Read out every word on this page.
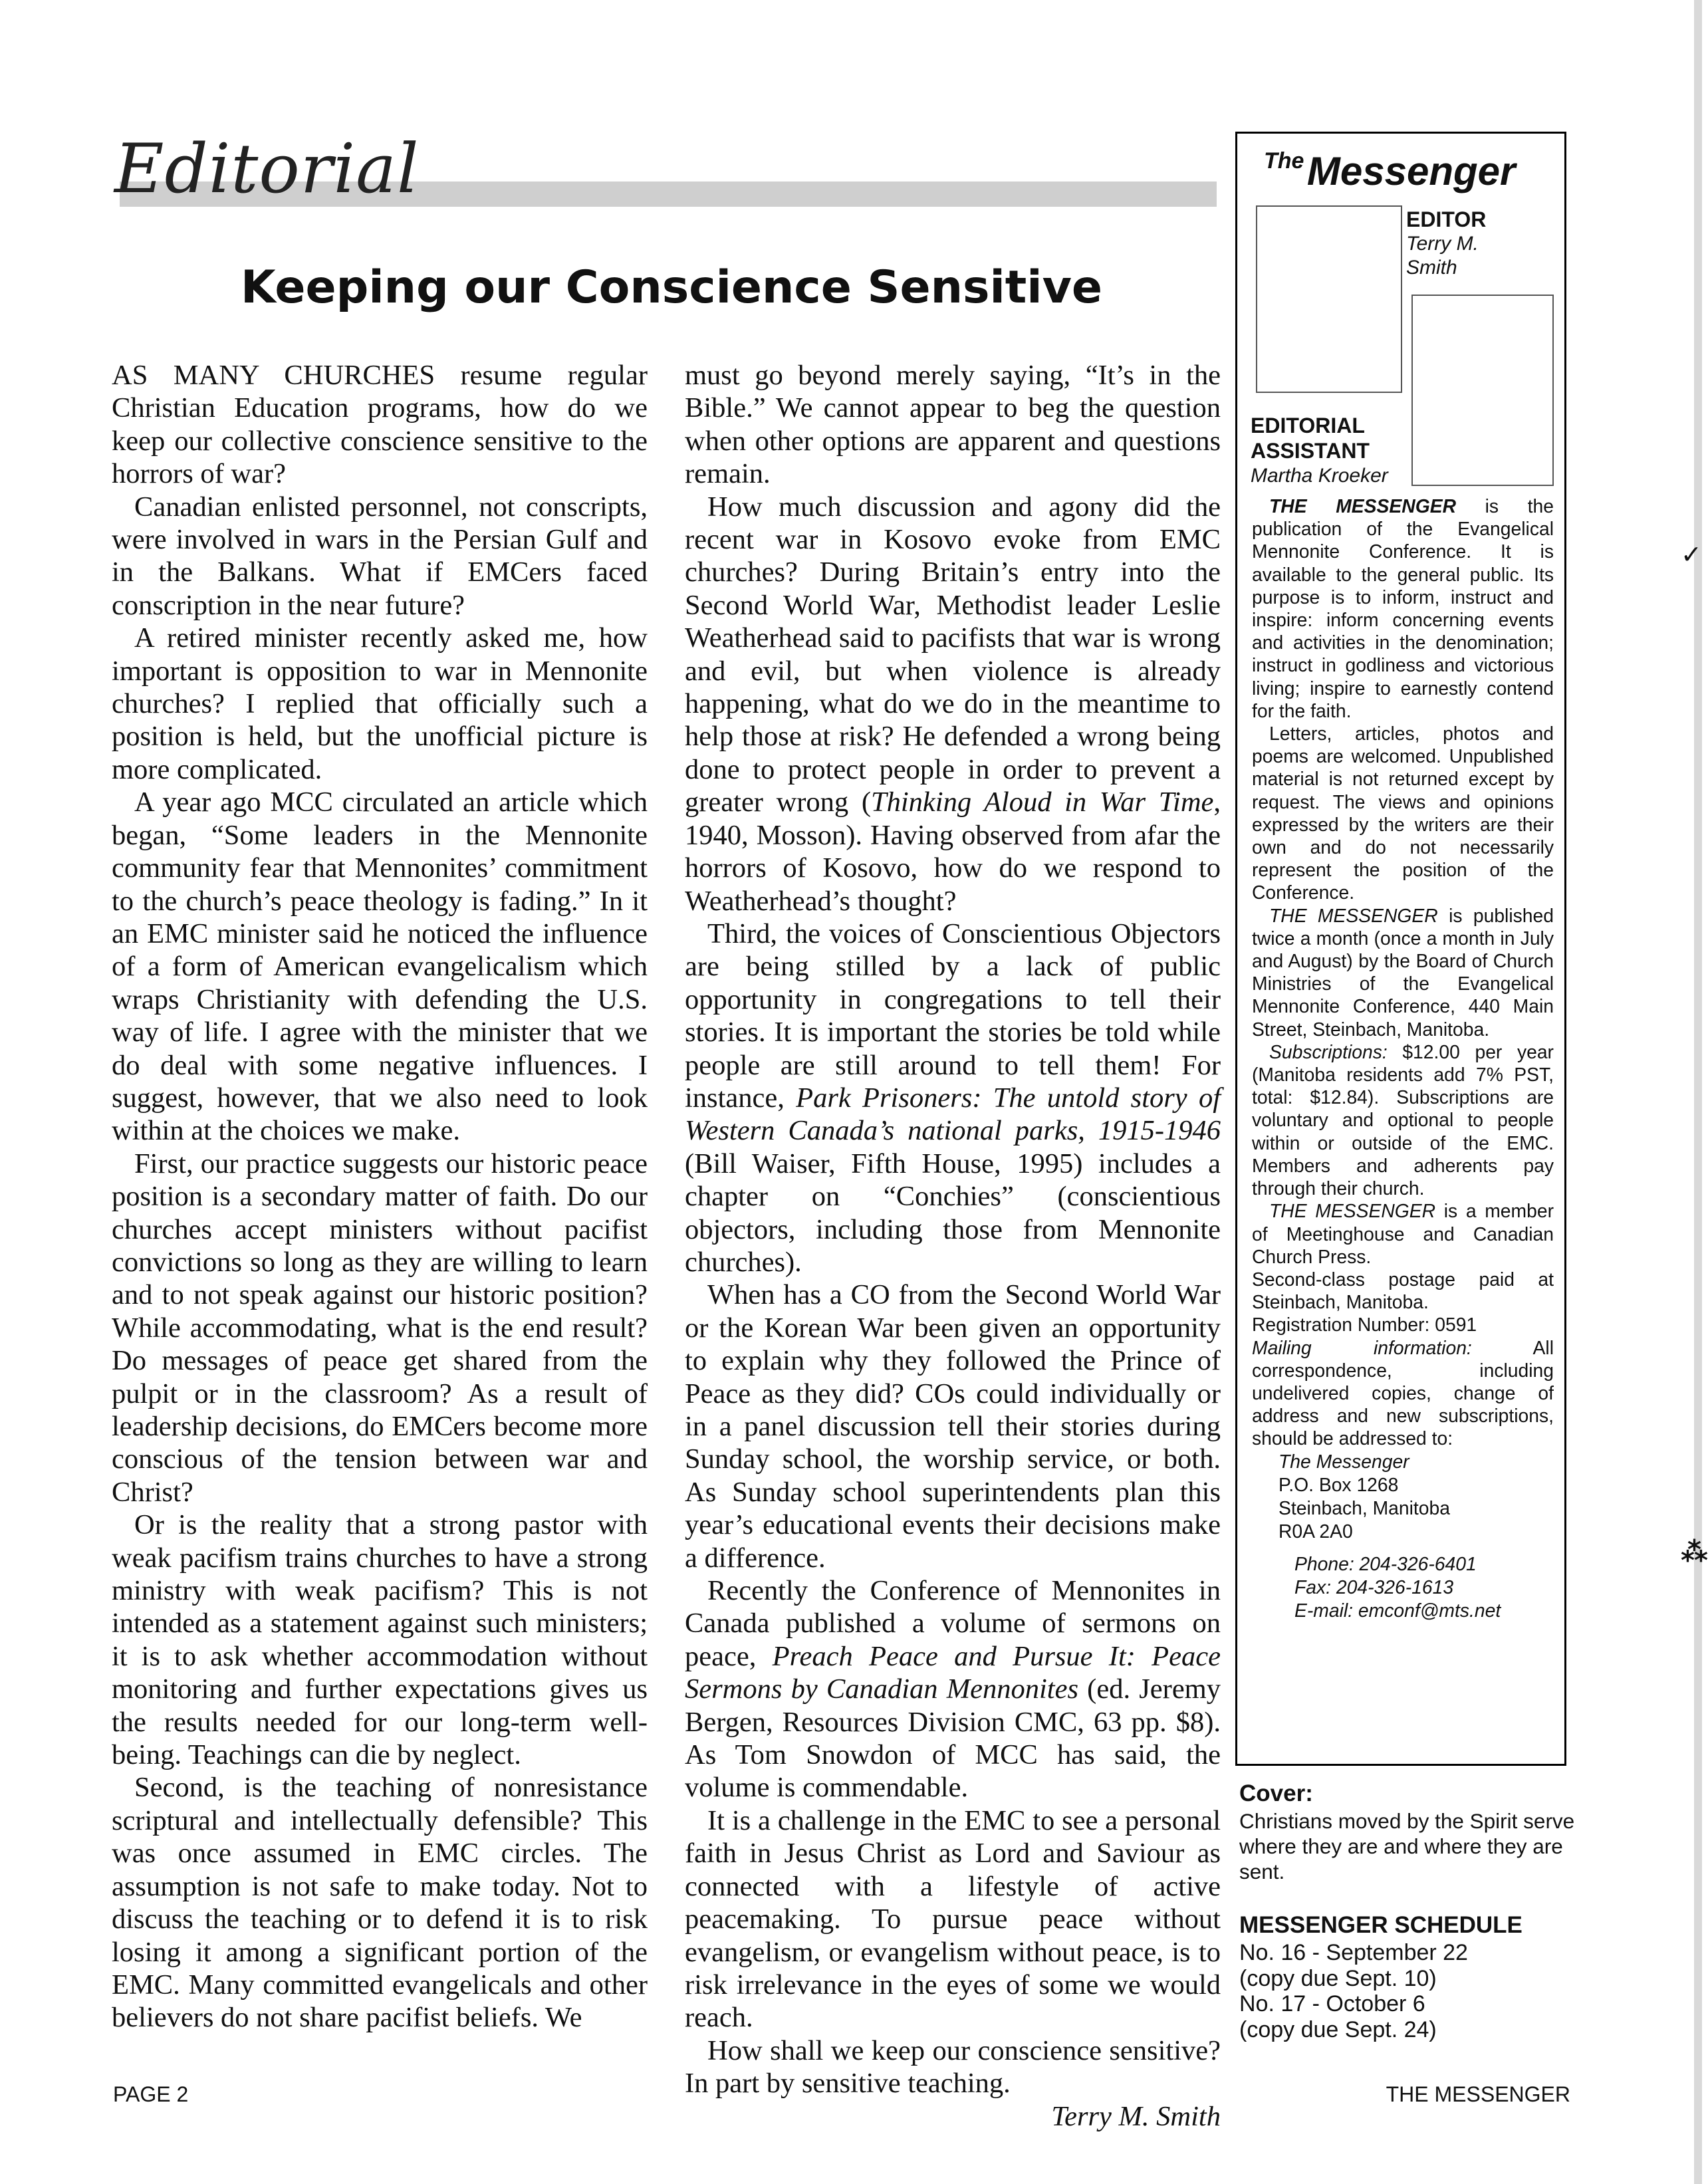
Editorial
Keeping our Conscience Sensitive

AS MANY CHURCHES resume regular Christian Education programs, how do we keep our collective conscience sensitive to the horrors of war?

Canadian enlisted personnel, not conscripts, were involved in wars in the Persian Gulf and in the Balkans. What if EMCers faced conscription in the near future?

A retired minister recently asked me, how important is opposition to war in Mennonite churches? I replied that officially such a position is held, but the unofficial picture is more complicated.

A year ago MCC circulated an article which began, “Some leaders in the Mennonite community fear that Mennonites’ commitment to the church’s peace theology is fading.” In it an EMC minister said he noticed the influence of a form of American evangelicalism which wraps Christianity with defending the U.S. way of life. I agree with the minister that we do deal with some negative influences. I suggest, however, that we also need to look within at the choices we make.

First, our practice suggests our historic peace position is a secondary matter of faith. Do our churches accept ministers without pacifist convictions so long as they are willing to learn and to not speak against our historic position? While accommodating, what is the end result? Do messages of peace get shared from the pulpit or in the classroom? As a result of leadership decisions, do EMCers become more conscious of the tension between war and Christ?

Or is the reality that a strong pastor with weak pacifism trains churches to have a strong ministry with weak pacifism? This is not intended as a statement against such ministers; it is to ask whether accommodation without monitoring and further expectations gives us the results needed for our long-term well-being. Teachings can die by neglect.

Second, is the teaching of nonresistance scriptural and intellectually defensible? This was once assumed in EMC circles. The assumption is not safe to make today. Not to discuss the teaching or to defend it is to risk losing it among a significant portion of the EMC. Many committed evangelicals and other believers do not share pacifist beliefs. We

must go beyond merely saying, “It’s in the Bible.” We cannot appear to beg the question when other options are apparent and questions remain.

How much discussion and agony did the recent war in Kosovo evoke from EMC churches? During Britain’s entry into the Second World War, Methodist leader Leslie Weatherhead said to pacifists that war is wrong and evil, but when violence is already happening, what do we do in the meantime to help those at risk? He defended a wrong being done to protect people in order to prevent a greater wrong (Thinking Aloud in War Time, 1940, Mosson). Having observed from afar the horrors of Kosovo, how do we respond to Weatherhead’s thought?

Third, the voices of Conscientious Objectors are being stilled by a lack of public opportunity in congregations to tell their stories. It is important the stories be told while people are still around to tell them! For instance, Park Prisoners: The untold story of Western Canada’s national parks, 1915-1946 (Bill Waiser, Fifth House, 1995) includes a chapter on “Conchies” (conscientious objectors, including those from Mennonite churches).

When has a CO from the Second World War or the Korean War been given an opportunity to explain why they followed the Prince of Peace as they did? COs could individually or in a panel discussion tell their stories during Sunday school, the worship service, or both. As Sunday school superintendents plan this year’s educational events their decisions make a difference.

Recently the Conference of Mennonites in Canada published a volume of sermons on peace, Preach Peace and Pursue It: Peace Sermons by Canadian Mennonites (ed. Jeremy Bergen, Resources Division CMC, 63 pp. $8). As Tom Snowdon of MCC has said, the volume is commendable.

It is a challenge in the EMC to see a personal faith in Jesus Christ as Lord and Saviour as connected with a lifestyle of active peacemaking. To pursue peace without evangelism, or evangelism without peace, is to risk irrelevance in the eyes of some we would reach.

How shall we keep our conscience sensitive? In part by sensitive teaching.

Terry M. Smith
The Messenger
EDITOR
Terry M. Smith
EDITORIAL ASSISTANT
Martha Kroeker

THE MESSENGER is the publication of the Evangelical Mennonite Conference. It is available to the general public. Its purpose is to inform, instruct and inspire: inform concerning events and activities in the denomination; instruct in godliness and victorious living; inspire to earnestly contend for the faith.

Letters, articles, photos and poems are welcomed. Unpublished material is not returned except by request. The views and opinions expressed by the writers are their own and do not necessarily represent the position of the Conference.

THE MESSENGER is published twice a month (once a month in July and August) by the Board of Church Ministries of the Evangelical Mennonite Conference, 440 Main Street, Steinbach, Manitoba.

Subscriptions: $12.00 per year (Manitoba residents add 7% PST, total: $12.84). Subscriptions are voluntary and optional to people within or outside of the EMC. Members and adherents pay through their church.

THE MESSENGER is a member of Meetinghouse and Canadian Church Press.

Second-class postage paid at Steinbach, Manitoba.

Registration Number: 0591

Mailing information: All correspondence, including undelivered copies, change of address and new subscriptions, should be addressed to:

The Messenger
P.O. Box 1268
Steinbach, Manitoba
R0A 2A0
Phone: 204-326-6401
Fax: 204-326-1613
E-mail: emconf@mts.net
Cover:
Christians moved by the Spirit serve where they are and where they are sent.
MESSENGER SCHEDULE
No. 16 - September 22
(copy due Sept. 10)
No. 17 - October 6
(copy due Sept. 24)
PAGE 2	THE MESSENGER
✓
⁂
